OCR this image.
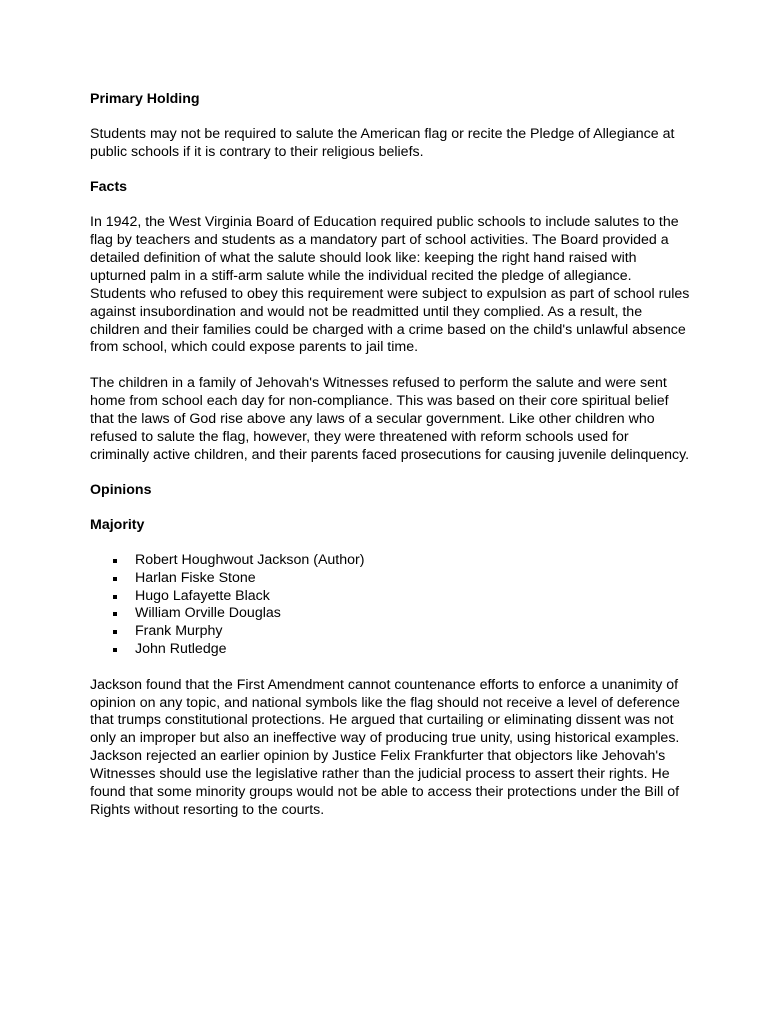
Primary Holding

Students may not be required to salute the American flag or recite the Pledge of Allegiance at public schools if it is contrary to their religious beliefs.

Facts

In 1942, the West Virginia Board of Education required public schools to include salutes to the flag by teachers and students as a mandatory part of school activities. The Board provided a detailed definition of what the salute should look like: keeping the right hand raised with upturned palm in a stiff-arm salute while the individual recited the pledge of allegiance. Students who refused to obey this requirement were subject to expulsion as part of school rules against insubordination and would not be readmitted until they complied. As a result, the children and their families could be charged with a crime based on the child's unlawful absence from school, which could expose parents to jail time.

The children in a family of Jehovah's Witnesses refused to perform the salute and were sent home from school each day for non-compliance. This was based on their core spiritual belief that the laws of God rise above any laws of a secular government. Like other children who refused to salute the flag, however, they were threatened with reform schools used for criminally active children, and their parents faced prosecutions for causing juvenile delinquency.

Opinions
Majority
Robert Houghwout Jackson (Author)
Harlan Fiske Stone
Hugo Lafayette Black
William Orville Douglas
Frank Murphy
John Rutledge

Jackson found that the First Amendment cannot countenance efforts to enforce a unanimity of opinion on any topic, and national symbols like the flag should not receive a level of deference that trumps constitutional protections. He argued that curtailing or eliminating dissent was not only an improper but also an ineffective way of producing true unity, using historical examples. Jackson rejected an earlier opinion by Justice Felix Frankfurter that objectors like Jehovah's Witnesses should use the legislative rather than the judicial process to assert their rights. He found that some minority groups would not be able to access their protections under the Bill of Rights without resorting to the courts.
